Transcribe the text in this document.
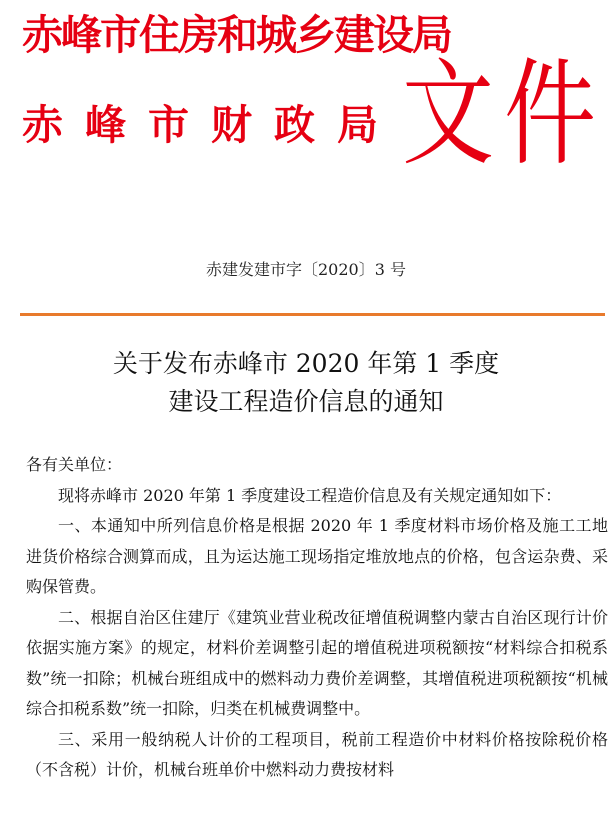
赤峰市住房和城乡建设局
赤峰市财政局 文件
赤建发建市字〔2020〕3 号
关于发布赤峰市 2020 年第 1 季度
建设工程造价信息的通知

各有关单位：

现将赤峰市 2020 年第 1 季度建设工程造价信息及有关规定通知如下：

一、本通知中所列信息价格是根据 2020 年 1 季度材料市场价格及施工工地进货价格综合测算而成，且为运达施工现场指定堆放地点的价格，包含运杂费、采购保管费。

二、根据自治区住建厅《建筑业营业税改征增值税调整内蒙古自治区现行计价依据实施方案》的规定，材料价差调整引起的增值税进项税额按“材料综合扣税系数”统一扣除；机械台班组成中的燃料动力费价差调整，其增值税进项税额按“机械综合扣税系数”统一扣除，归类在机械费调整中。

三、采用一般纳税人计价的工程项目，税前工程造价中材料价格按除税价格（不含税）计价，机械台班单价中燃料动力费按材料
